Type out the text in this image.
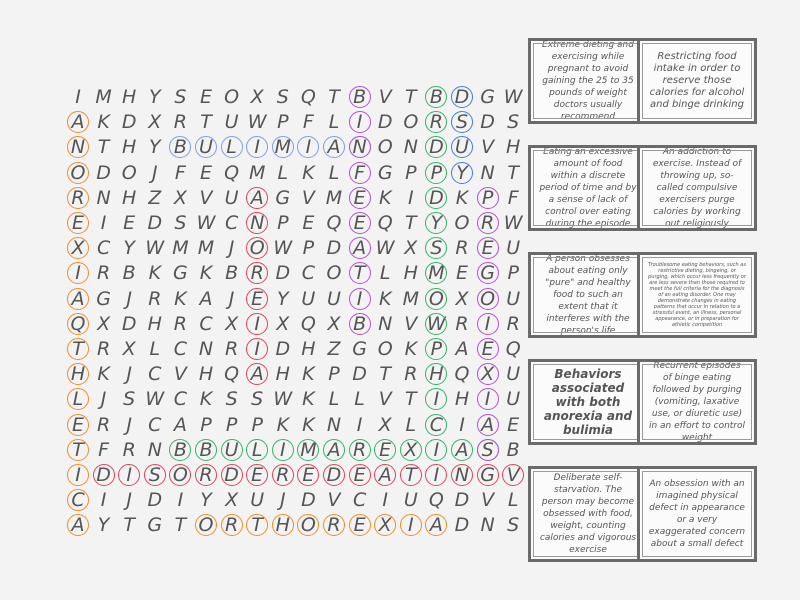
I M H Y S E O X S Q T B V T B D G W
A K D X R T U W P F L I D O R S D S
N T H Y B U L I M I A N O N D U V H
O D O J F E Q M L K L F G P P Y N T
R N H Z X V U A G V M E K I D K P F
E I E D S W C N P E Q E Q T Y O R W
X C Y W M M J O W P D A W X S R E U
I R B K G K B R D C O T L H M E G P
A G J R K A J E Y U U I K M O X O U
Q X D H R C X I X Q X B N V W R I R
T R X L C N R I D H Z G O K P A E Q
H K J C V H Q A H K P D T R H Q X U
L J S W C K S S W K L L V T I H I U
E R J C A P P P K K N I X L C I A E
T F R N B B U L I M A R E X I A S B
I D I S O R D E R E D E A T I N G V
C I	J D I Y X U J D V C I U Q D V L
A Y T G T O R T H O R E X I A D N S
Extreme dieting and exercising while pregnant to avoid gaining the 25 to 35 pounds of weight doctors usually recommend
Restricting food intake in order to reserve those calories for alcohol and binge drinking
Eating an excessive amount of food within a discrete period of time and by a sense of lack of control over eating during the episode
An addiction to exercise. Instead of throwing up, so-called compulsive exercisers purge calories by working out religiously
A person obsesses about eating only "pure" and healthy food to such an extent that it interferes with the person's life
Troublesome eating behaviors, such as restrictive dieting, bingeing, or purging, which occur less frequently or are less severe than those required to meet the full criteria for the diagnosis of an eating disorder. One may demonstrate changes in eating patterns that occur in relation to a stressful event, an illness, personal appearance, or in preparation for athletic competition
Behaviors associated with both anorexia and bulimia
Recurrent episodes of binge eating followed by purging (vomiting, laxative use, or diuretic use) in an effort to control weight
Deliberate self-starvation. The person may become obsessed with food, weight, counting calories and vigorous exercise
An obsession with an imagined physical defect in appearance or a very exaggerated concern about a small defect
